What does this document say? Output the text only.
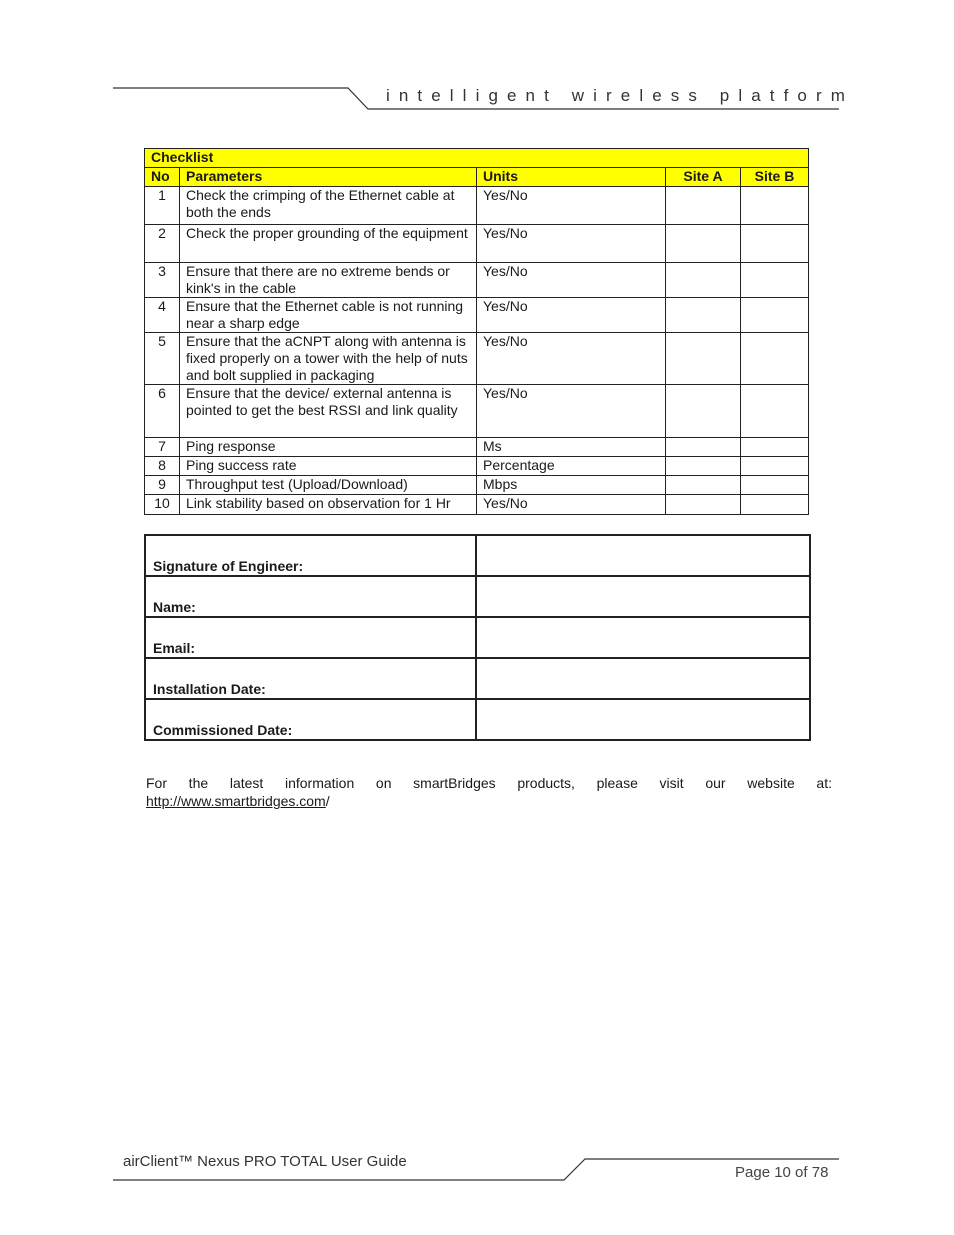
intelligent wireless platform
Checklist				
No	Parameters	Units	Site A	Site B
1	Check the crimping of the Ethernet cable at both the ends	Yes/No		
2	Check the proper grounding of the equipment	Yes/No		
3	Ensure that there are no extreme bends or kink's in the cable	Yes/No		
4	Ensure that the Ethernet cable is not running near a sharp edge	Yes/No		
5	Ensure that the aCNPT along with antenna is fixed properly on a tower with the help of nuts and bolt supplied in packaging	Yes/No		
6	Ensure that the device/ external antenna is pointed to get the best RSSI and link quality	Yes/No		
7	Ping response	Ms		
8	Ping success rate	Percentage		
9	Throughput test (Upload/Download)	Mbps		
10	Link stability based on observation for 1 Hr	Yes/No		
Signature of Engineer:	
Name:	
Email:	
Installation Date:	
Commissioned Date:	
For the latest information on smartBridges products, please visit our website at:
http://www.smartbridges.com/
airClient™ Nexus PRO TOTAL User Guide
Page 10 of 78
